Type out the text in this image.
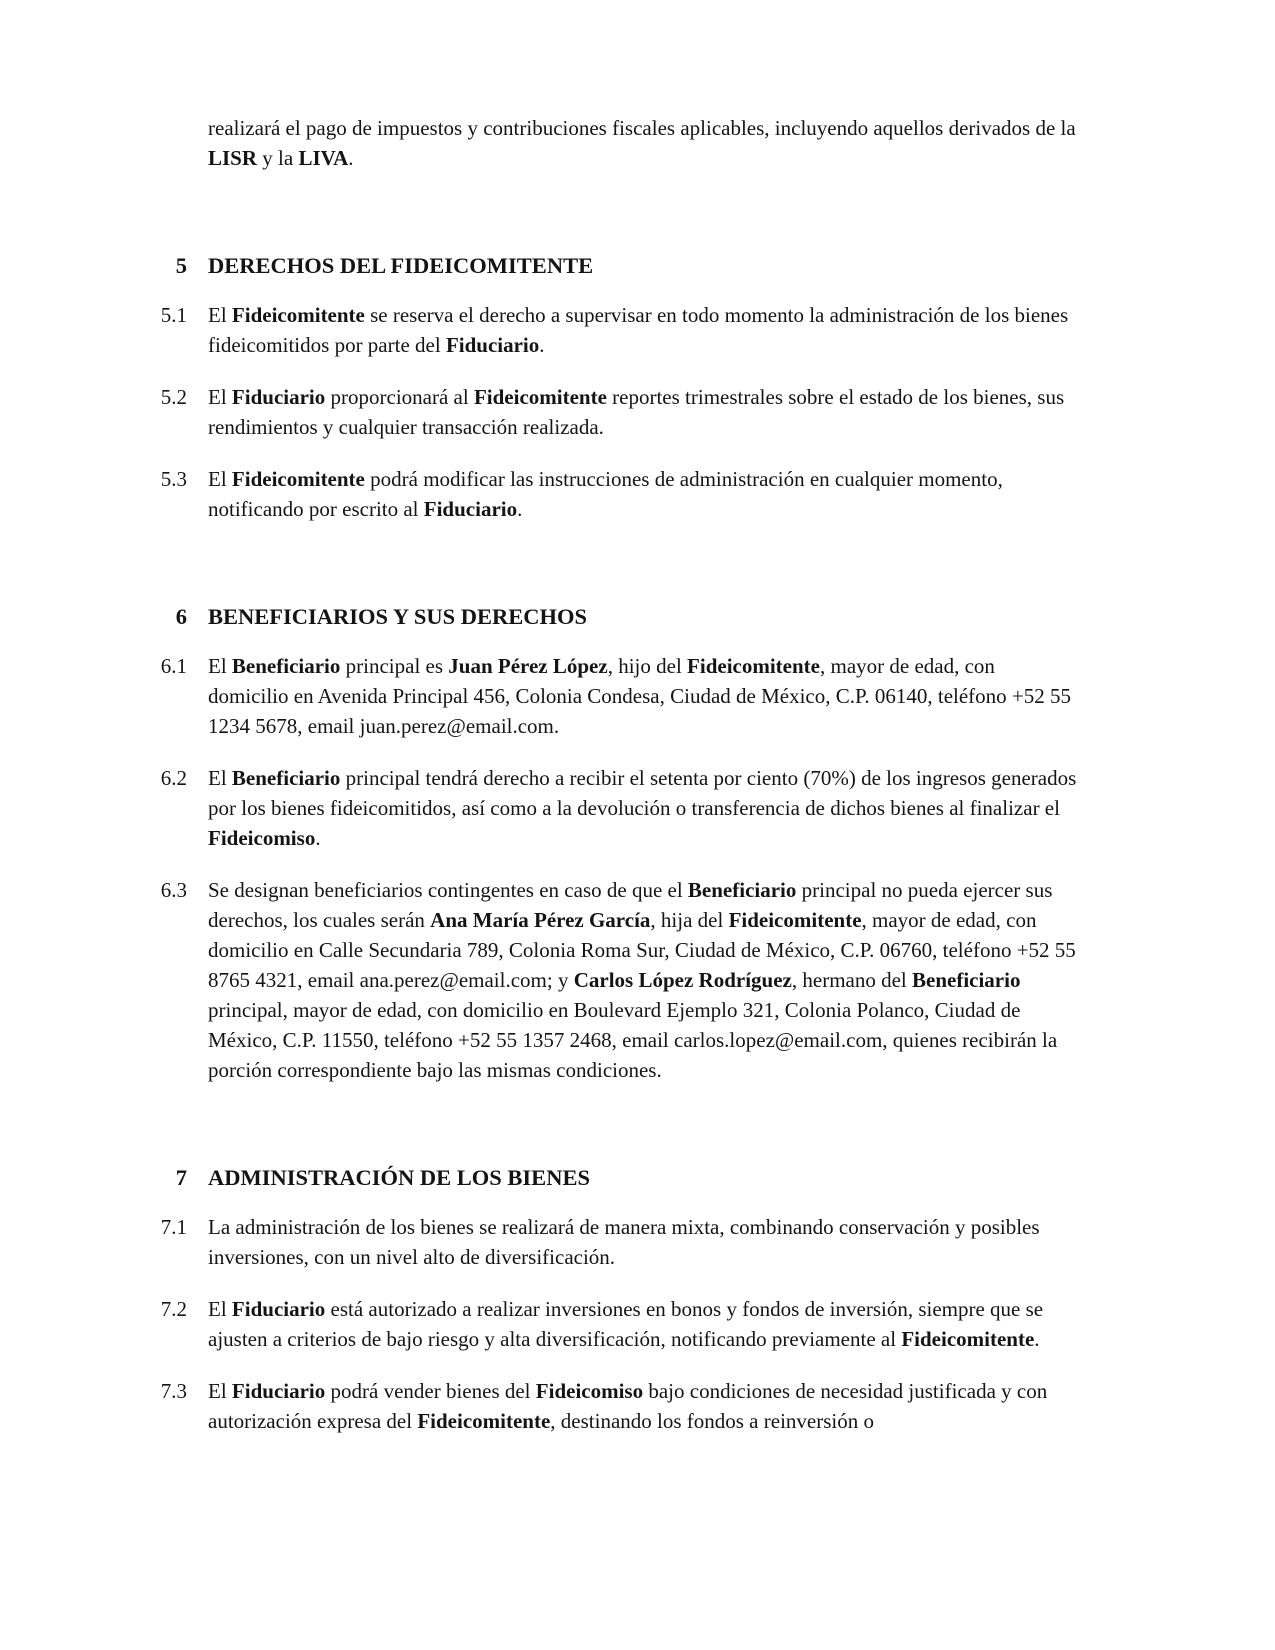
realizará el pago de impuestos y contribuciones fiscales aplicables, incluyendo aquellos derivados de la LISR y la LIVA.

5 DERECHOS DEL FIDEICOMITENTE
5.1 El Fideicomitente se reserva el derecho a supervisar en todo momento la administración de los bienes fideicomitidos por parte del Fiduciario.

5.2 El Fiduciario proporcionará al Fideicomitente reportes trimestrales sobre el estado de los bienes, sus rendimientos y cualquier transacción realizada.

5.3 El Fideicomitente podrá modificar las instrucciones de administración en cualquier momento, notificando por escrito al Fiduciario.

6 BENEFICIARIOS Y SUS DERECHOS
6.1 El Beneficiario principal es Juan Pérez López, hijo del Fideicomitente, mayor de edad, con domicilio en Avenida Principal 456, Colonia Condesa, Ciudad de México, C.P. 06140, teléfono +52 55 1234 5678, email juan.perez@email.com.

6.2 El Beneficiario principal tendrá derecho a recibir el setenta por ciento (70%) de los ingresos generados por los bienes fideicomitidos, así como a la devolución o transferencia de dichos bienes al finalizar el Fideicomiso.

6.3 Se designan beneficiarios contingentes en caso de que el Beneficiario principal no pueda ejercer sus derechos, los cuales serán Ana María Pérez García, hija del Fideicomitente, mayor de edad, con domicilio en Calle Secundaria 789, Colonia Roma Sur, Ciudad de México, C.P. 06760, teléfono +52 55 8765 4321, email ana.perez@email.com; y Carlos López Rodríguez, hermano del Beneficiario principal, mayor de edad, con domicilio en Boulevard Ejemplo 321, Colonia Polanco, Ciudad de México, C.P. 11550, teléfono +52 55 1357 2468, email carlos.lopez@email.com, quienes recibirán la porción correspondiente bajo las mismas condiciones.

7 ADMINISTRACIÓN DE LOS BIENES
7.1 La administración de los bienes se realizará de manera mixta, combinando conservación y posibles inversiones, con un nivel alto de diversificación.

7.2 El Fiduciario está autorizado a realizar inversiones en bonos y fondos de inversión, siempre que se ajusten a criterios de bajo riesgo y alta diversificación, notificando previamente al Fideicomitente.

7.3 El Fiduciario podrá vender bienes del Fideicomiso bajo condiciones de necesidad justificada y con autorización expresa del Fideicomitente, destinando los fondos a reinversión o
